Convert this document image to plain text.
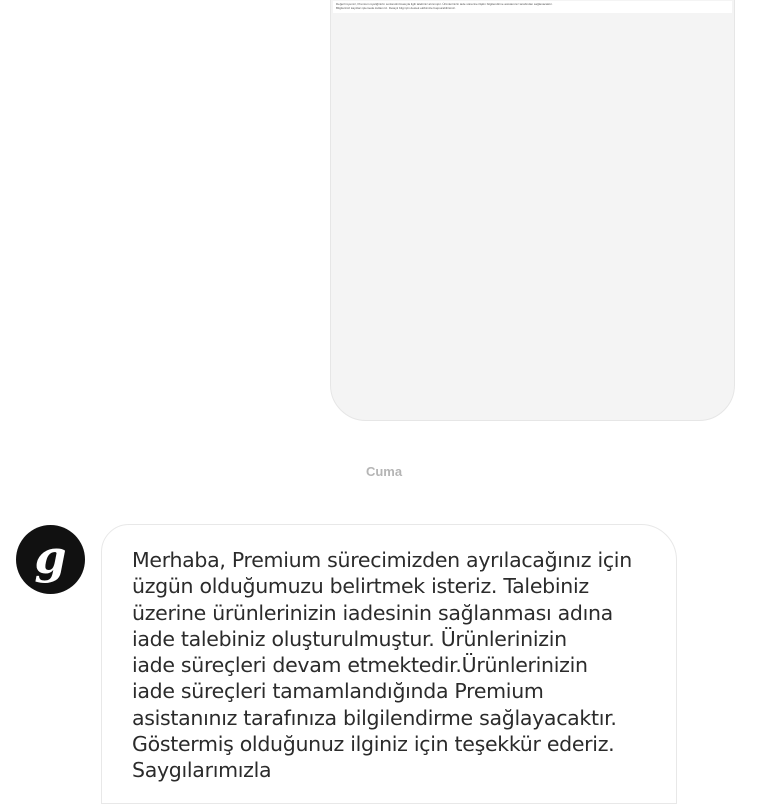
Değerli üyemiz, Premium üyeliğinizin sonlandırılmasıyla ilgili talebiniz alınmıştır. Ürünlerinizin iade sürecine ilişkin bilgilendirme asistanınız tarafından sağlanacaktır.
Bilgilerinizi kayıtları işlemede kullanırız. Detaylı bilgi için destek ekibimize başvurabilirsiniz.
Cuma
g	Merhaba, Premium sürecimizden ayrılacağınız için
üzgün olduğumuzu belirtmek isteriz. Talebiniz
üzerine ürünlerinizin iadesinin sağlanması adına
iade talebiniz oluşturulmuştur. Ürünlerinizin
iade süreçleri devam etmektedir.Ürünlerinizin
iade süreçleri tamamlandığında Premium
asistanınız tarafınıza bilgilendirme sağlayacaktır.
Göstermiş olduğunuz ilginiz için teşekkür ederiz.
Saygılarımızla
